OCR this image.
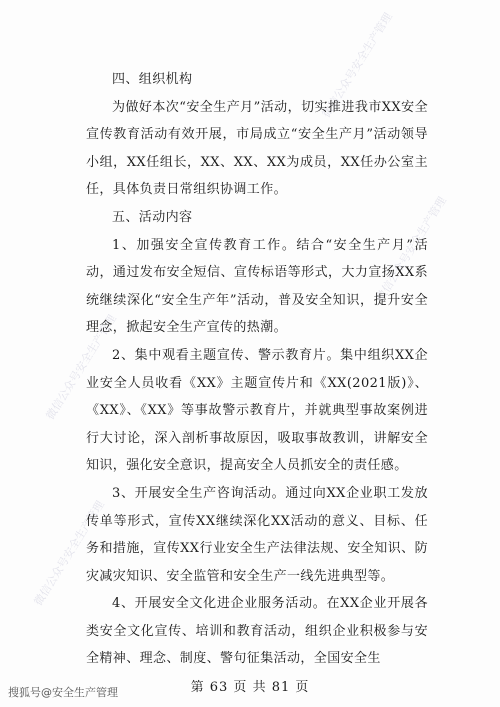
微信公众号安全生产管理
微信公众号安全生产管理
微信公众号安全生产管理
微信公众号安全生产管理

四、组织机构

为做好本次“安全生产月”活动，切实推进我市XX安全宣传教育活动有效开展，市局成立“安全生产月”活动领导小组，XX任组长，XX、XX、XX为成员，XX任办公室主任，具体负责日常组织协调工作。

五、活动内容

1、加强安全宣传教育工作。结合“安全生产月”活动，通过发布安全短信、宣传标语等形式，大力宣扬XX系统继续深化“安全生产年”活动，普及安全知识，提升安全理念，掀起安全生产宣传的热潮。

2、集中观看主题宣传、警示教育片。集中组织XX企业安全人员收看《XX》主题宣传片和《XX(2021版)》、《XX》、《XX》等事故警示教育片，并就典型事故案例进行大讨论，深入剖析事故原因，吸取事故教训，讲解安全知识，强化安全意识，提高安全人员抓安全的责任感。

3、开展安全生产咨询活动。通过向XX企业职工发放传单等形式，宣传XX继续深化XX活动的意义、目标、任务和措施，宣传XX行业安全生产法律法规、安全知识、防灾减灾知识、安全监管和安全生产一线先进典型等。

4、开展安全文化进企业服务活动。在XX企业开展各类安全文化宣传、培训和教育活动，组织企业积极参与安全精神、理念、制度、警句征集活动，全国安全生

第 63 页 共 81 页
搜狐号@安全生产管理
